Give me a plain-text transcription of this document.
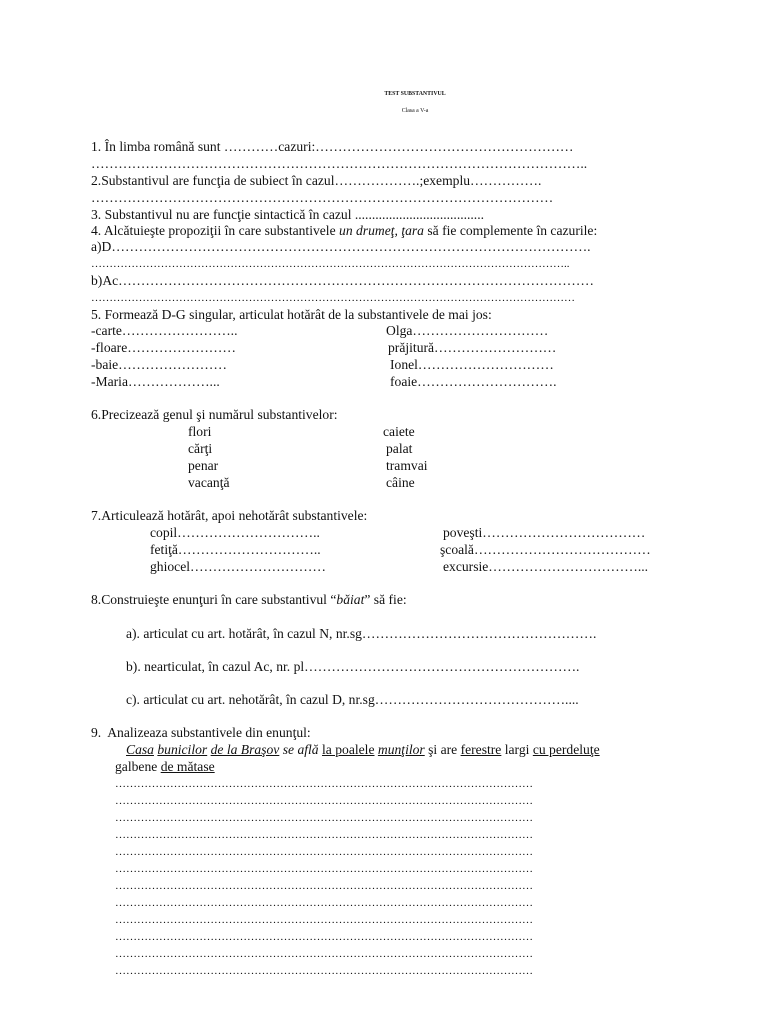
TEST SUBSTANTIVUL
Clasa a V-a
1. În limba română sunt …………cazuri:…………………………………………………
………………………………………………………………………………………………..
2.Substantivul are funcţia de subiect în cazul……………….;exemplu…………….
…………………………………………………………………………………………
3. Substantivul nu are funcţie sintactică în cazul ......................................
4. Alcătuieşte propoziţii în care substantivele un drumeţ, ţara să fie complemente în cazurile:
a)D…………………………………………………………………………………………….
…………………………………………………………………………………………………………………..
b)Ac……………………………………………………………………………………………
……………………………………………………………………………………………………………………
5. Formează D-G singular, articulat hotărât de la substantivele de mai jos:
-carte……………………..
-floare……………………
-baie……………………
-Maria………………...
Olga…………………………
prăjitură………………………
Ionel…………………………
foaie………………………….
6.Precizează genul şi numărul substantivelor:
flori
cărţi
penar
vacanţă
caiete
palat
tramvai
câine
7.Articulează hotărât, apoi nehotărât substantivele:
copil…………………………..
fetiţă…………………………..
ghiocel…………………………
poveşti………………………………
şcoală…………………………………
excursie……………………………...
8.Construieşte enunţuri în care substantivul “băiat” să fie:
a). articulat cu art. hotărât, în cazul N, nr.sg…………………………………………….
b). nearticulat, în cazul Ac, nr. pl…………………………………………………….
c). articulat cu art. nehotărât, în cazul D, nr.sg……………………………………....
9.  Analizeaza substantivele din enunţul:
Casa bunicilor de la Braşov se află la poalele munţilor şi are ferestre largi cu perdeluţe
galbene de mătase
……………………………………………………………………………………………………
……………………………………………………………………………………………………
……………………………………………………………………………………………………
……………………………………………………………………………………………………
……………………………………………………………………………………………………
……………………………………………………………………………………………………
……………………………………………………………………………………………………
……………………………………………………………………………………………………
……………………………………………………………………………………………………
……………………………………………………………………………………………………
……………………………………………………………………………………………………
……………………………………………………………………………………………………
